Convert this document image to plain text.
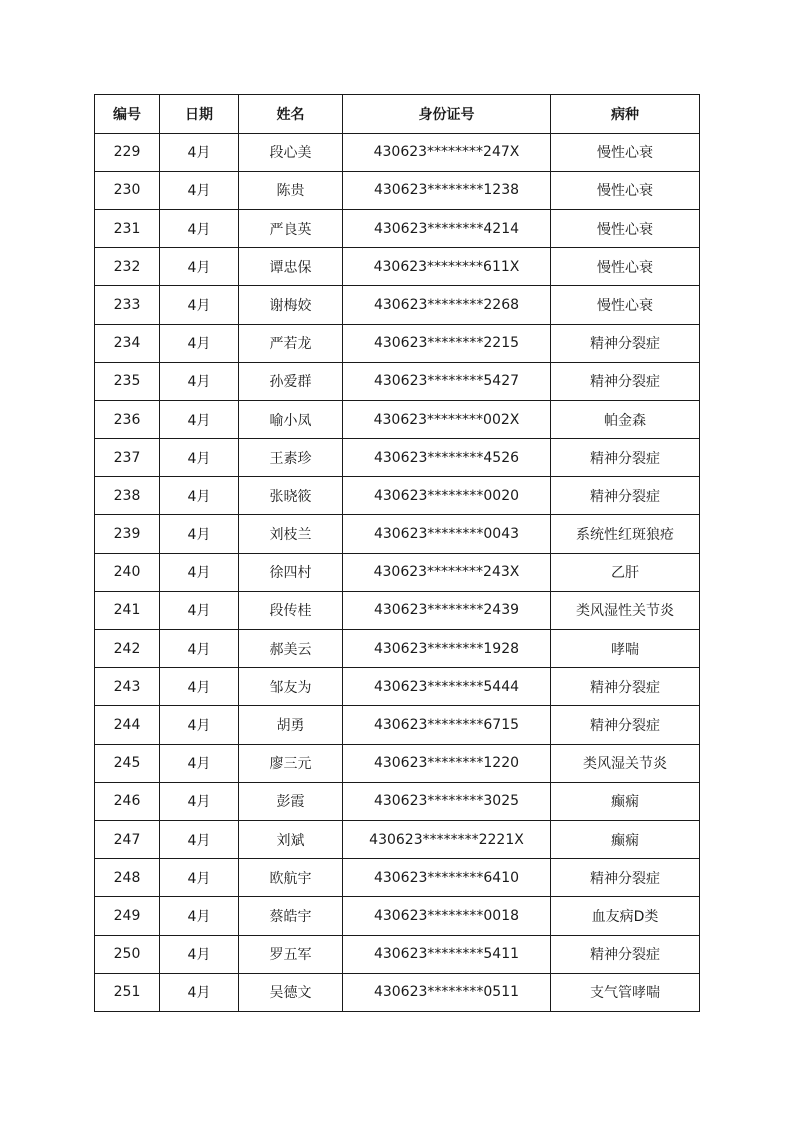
编号	日期	姓名	身份证号	病种
229	4月	段心美	430623********247X	慢性心衰
230	4月	陈贵	430623********1238	慢性心衰
231	4月	严良英	430623********4214	慢性心衰
232	4月	谭忠保	430623********611X	慢性心衰
233	4月	谢梅姣	430623********2268	慢性心衰
234	4月	严若龙	430623********2215	精神分裂症
235	4月	孙爱群	430623********5427	精神分裂症
236	4月	喻小凤	430623********002X	帕金森
237	4月	王素珍	430623********4526	精神分裂症
238	4月	张晓筱	430623********0020	精神分裂症
239	4月	刘枝兰	430623********0043	系统性红斑狼疮
240	4月	徐四村	430623********243X	乙肝
241	4月	段传桂	430623********2439	类风湿性关节炎
242	4月	郝美云	430623********1928	哮喘
243	4月	邹友为	430623********5444	精神分裂症
244	4月	胡勇	430623********6715	精神分裂症
245	4月	廖三元	430623********1220	类风湿关节炎
246	4月	彭霞	430623********3025	癫痫
247	4月	刘斌	430623********2221X	癫痫
248	4月	欧航宇	430623********6410	精神分裂症
249	4月	蔡皓宇	430623********0018	血友病D类
250	4月	罗五军	430623********5411	精神分裂症
251	4月	吴德文	430623********0511	支气管哮喘
